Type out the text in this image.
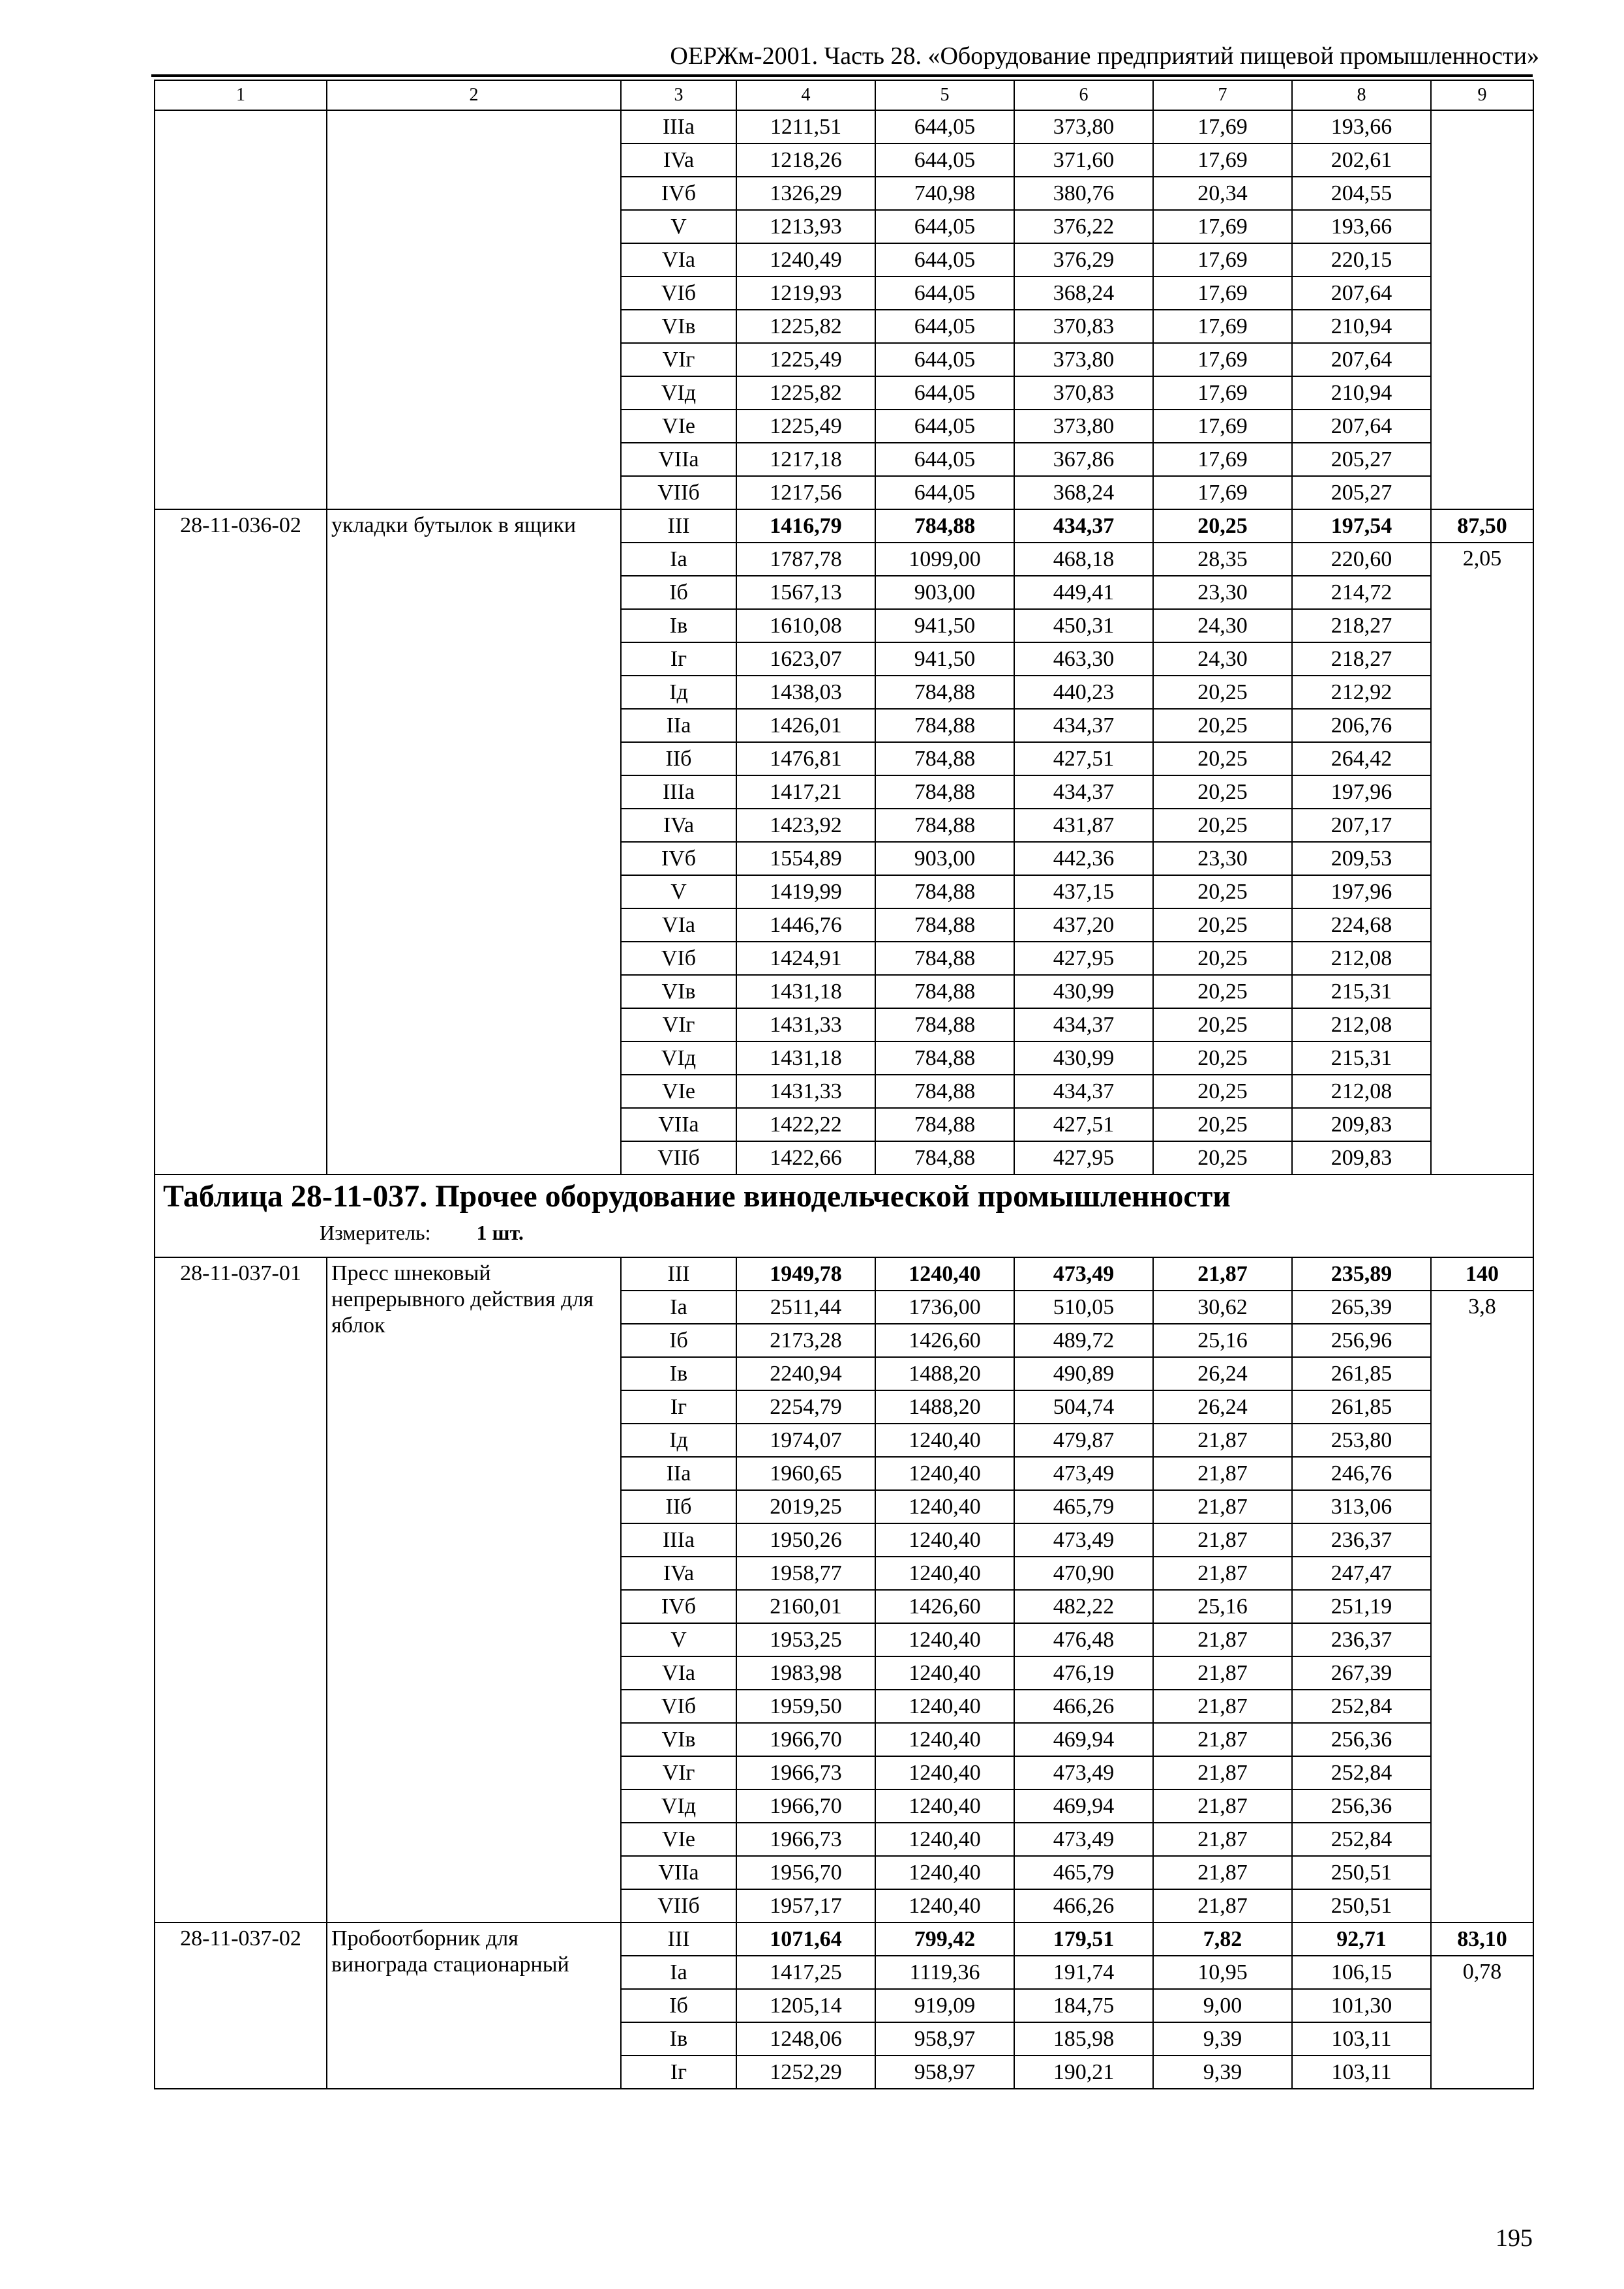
ОЕРЖм-2001. Часть 28. «Оборудование предприятий пищевой промышленности»
1	2	3	4	5	6	7	8	9
		IIIa	1211,51	644,05	373,80	17,69	193,66	
		IVa	1218,26	644,05	371,60	17,69	202,61	
		IVб	1326,29	740,98	380,76	20,34	204,55	
		V	1213,93	644,05	376,22	17,69	193,66	
		VIa	1240,49	644,05	376,29	17,69	220,15	
		VIб	1219,93	644,05	368,24	17,69	207,64	
		VIв	1225,82	644,05	370,83	17,69	210,94	
		VIг	1225,49	644,05	373,80	17,69	207,64	
		VIд	1225,82	644,05	370,83	17,69	210,94	
		VIе	1225,49	644,05	373,80	17,69	207,64	
		VIIa	1217,18	644,05	367,86	17,69	205,27	
		VIIб	1217,56	644,05	368,24	17,69	205,27	
28-11-036-02	укладки бутылок в ящики	III	1416,79	784,88	434,37	20,25	197,54	87,50
		Ia	1787,78	1099,00	468,18	28,35	220,60	2,05
		Iб	1567,13	903,00	449,41	23,30	214,72	
		Iв	1610,08	941,50	450,31	24,30	218,27	
		Iг	1623,07	941,50	463,30	24,30	218,27	
		Iд	1438,03	784,88	440,23	20,25	212,92	
		IIa	1426,01	784,88	434,37	20,25	206,76	
		IIб	1476,81	784,88	427,51	20,25	264,42	
		IIIa	1417,21	784,88	434,37	20,25	197,96	
		IVa	1423,92	784,88	431,87	20,25	207,17	
		IVб	1554,89	903,00	442,36	23,30	209,53	
		V	1419,99	784,88	437,15	20,25	197,96	
		VIa	1446,76	784,88	437,20	20,25	224,68	
		VIб	1424,91	784,88	427,95	20,25	212,08	
		VIв	1431,18	784,88	430,99	20,25	215,31	
		VIг	1431,33	784,88	434,37	20,25	212,08	
		VIд	1431,18	784,88	430,99	20,25	215,31	
		VIе	1431,33	784,88	434,37	20,25	212,08	
		VIIa	1422,22	784,88	427,51	20,25	209,83	
		VIIб	1422,66	784,88	427,95	20,25	209,83	

Таблица 28-11-037. Прочее оборудование винодельческой промышленности
Измеритель: 1 шт.								

28-11-037-01	Пресс шнековый непрерывного действия для яблок	III	1949,78	1240,40	473,49	21,87	235,89	140
		Ia	2511,44	1736,00	510,05	30,62	265,39	3,8
		Iб	2173,28	1426,60	489,72	25,16	256,96	
		Iв	2240,94	1488,20	490,89	26,24	261,85	
		Iг	2254,79	1488,20	504,74	26,24	261,85	
		Iд	1974,07	1240,40	479,87	21,87	253,80	
		IIa	1960,65	1240,40	473,49	21,87	246,76	
		IIб	2019,25	1240,40	465,79	21,87	313,06	
		IIIa	1950,26	1240,40	473,49	21,87	236,37	
		IVa	1958,77	1240,40	470,90	21,87	247,47	
		IVб	2160,01	1426,60	482,22	25,16	251,19	
		V	1953,25	1240,40	476,48	21,87	236,37	
		VIa	1983,98	1240,40	476,19	21,87	267,39	
		VIб	1959,50	1240,40	466,26	21,87	252,84	
		VIв	1966,70	1240,40	469,94	21,87	256,36	
		VIг	1966,73	1240,40	473,49	21,87	252,84	
		VIд	1966,70	1240,40	469,94	21,87	256,36	
		VIе	1966,73	1240,40	473,49	21,87	252,84	
		VIIa	1956,70	1240,40	465,79	21,87	250,51	
		VIIб	1957,17	1240,40	466,26	21,87	250,51	
28-11-037-02	Пробоотборник для винограда стационарный	III	1071,64	799,42	179,51	7,82	92,71	83,10
		Ia	1417,25	1119,36	191,74	10,95	106,15	0,78
		Iб	1205,14	919,09	184,75	9,00	101,30	
		Iв	1248,06	958,97	185,98	9,39	103,11	
		Iг	1252,29	958,97	190,21	9,39	103,11	
195
